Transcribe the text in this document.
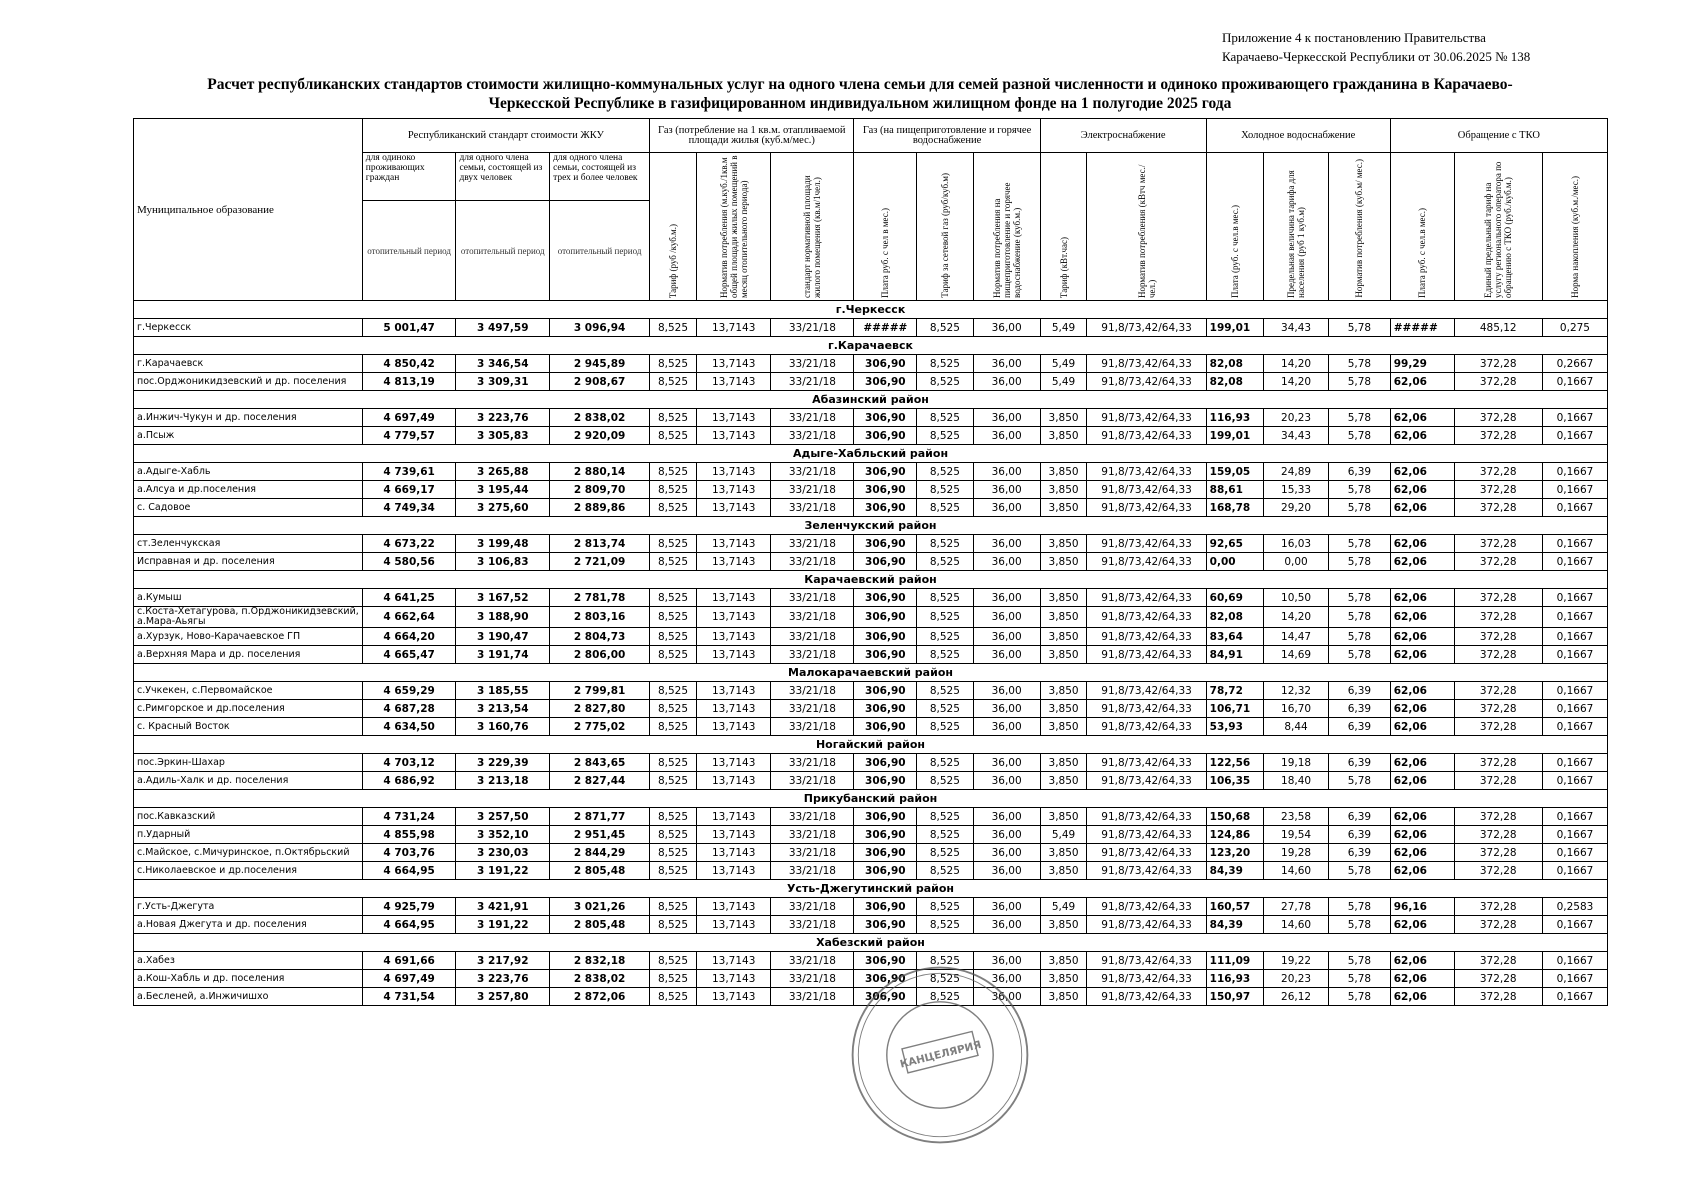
Приложение 4 к постановлению Правительства
Карачаево-Черкесской Республики от 30.06.2025 № 138
Расчет республиканских стандартов стоимости жилищно-коммунальных услуг на одного члена семьи для семей разной численности и одиноко проживающего гражданина в Карачаево-
Черкесской Республике в газифицированном индивидуальном жилищном фонде на 1 полугодие 2025 года
Муниципальное образование	Республиканский стандарт стоимости ЖКУ			Газ (потребление на 1 кв.м. отапливаемой площади жилья (куб.м/мес.)			Газ (на пищеприготовление и горячее водоснабжение			Электроснабжение		Холодное водоснабжение			Обращение с ТКО		
	для одиноко проживающих граждан	для одного члена семьи, состоящей из двух человек	для одного члена семьи, состоящей из трех и более человек	Тариф (руб /куб.м.)	Норматив потребления (м.куб./1кв.м общей площади жилых помещений в месяц отопительного периода)	стандарт нормативной площади жилого помещения (кв.м/1чел.)	Плата руб. с чел в мес.)	Тариф за сетевой газ (руб/куб.м)	Норматив потребления на пищеприготовление и горячее водоснабжение (куб.м.)	Тариф (кВт.час)	Норматив потребления (кВтч мес./ чел.)	Плата (руб. с чел.в мес.)	Предельная величина тарифа для населения (руб 1 куб.м)	Норматив потребления (куб.м/ мес.)	Плата руб. с чел.в мес.)	Единый предельный тариф на услугу регионального оператора по обращению с ТКО (руб./куб.м.)	Норма накопления (куб.м./мес.)

	отопительный период	отопительный период	отопительный период														
г.Черкесск																	
г.Черкесск	5 001,47	3 497,59	3 096,94	8,525	13,7143	33/21/18	#####	8,525	36,00	5,49	91,8/73,42/64,33	199,01	34,43	5,78	#####	485,12	0,275
г.Карачаевск																	
г.Карачаевск	4 850,42	3 346,54	2 945,89	8,525	13,7143	33/21/18	306,90	8,525	36,00	5,49	91,8/73,42/64,33	82,08	14,20	5,78	99,29	372,28	0,2667
пос.Орджоникидзевский и др. поселения	4 813,19	3 309,31	2 908,67	8,525	13,7143	33/21/18	306,90	8,525	36,00	5,49	91,8/73,42/64,33	82,08	14,20	5,78	62,06	372,28	0,1667
Абазинский район																	
а.Инжич-Чукун и др. поселения	4 697,49	3 223,76	2 838,02	8,525	13,7143	33/21/18	306,90	8,525	36,00	3,850	91,8/73,42/64,33	116,93	20,23	5,78	62,06	372,28	0,1667
а.Псыж	4 779,57	3 305,83	2 920,09	8,525	13,7143	33/21/18	306,90	8,525	36,00	3,850	91,8/73,42/64,33	199,01	34,43	5,78	62,06	372,28	0,1667
Адыге-Хабльский район																	
а.Адыге-Хабль	4 739,61	3 265,88	2 880,14	8,525	13,7143	33/21/18	306,90	8,525	36,00	3,850	91,8/73,42/64,33	159,05	24,89	6,39	62,06	372,28	0,1667
а.Алсуа и др.поселения	4 669,17	3 195,44	2 809,70	8,525	13,7143	33/21/18	306,90	8,525	36,00	3,850	91,8/73,42/64,33	88,61	15,33	5,78	62,06	372,28	0,1667
с. Садовое	4 749,34	3 275,60	2 889,86	8,525	13,7143	33/21/18	306,90	8,525	36,00	3,850	91,8/73,42/64,33	168,78	29,20	5,78	62,06	372,28	0,1667
Зеленчукский район																	
ст.Зеленчукская	4 673,22	3 199,48	2 813,74	8,525	13,7143	33/21/18	306,90	8,525	36,00	3,850	91,8/73,42/64,33	92,65	16,03	5,78	62,06	372,28	0,1667
Исправная и др. поселения	4 580,56	3 106,83	2 721,09	8,525	13,7143	33/21/18	306,90	8,525	36,00	3,850	91,8/73,42/64,33	0,00	0,00	5,78	62,06	372,28	0,1667
Карачаевский район																	
а.Кумыш	4 641,25	3 167,52	2 781,78	8,525	13,7143	33/21/18	306,90	8,525	36,00	3,850	91,8/73,42/64,33	60,69	10,50	5,78	62,06	372,28	0,1667
с.Коста-Хетагурова, п.Орджоникидзевский, а.Мара-Аьягы	4 662,64	3 188,90	2 803,16	8,525	13,7143	33/21/18	306,90	8,525	36,00	3,850	91,8/73,42/64,33	82,08	14,20	5,78	62,06	372,28	0,1667
а.Хурзук, Ново-Карачаевское ГП	4 664,20	3 190,47	2 804,73	8,525	13,7143	33/21/18	306,90	8,525	36,00	3,850	91,8/73,42/64,33	83,64	14,47	5,78	62,06	372,28	0,1667
а.Верхняя Мара и др. поселения	4 665,47	3 191,74	2 806,00	8,525	13,7143	33/21/18	306,90	8,525	36,00	3,850	91,8/73,42/64,33	84,91	14,69	5,78	62,06	372,28	0,1667
Малокарачаевский район																	
с.Учкекен, с.Первомайское	4 659,29	3 185,55	2 799,81	8,525	13,7143	33/21/18	306,90	8,525	36,00	3,850	91,8/73,42/64,33	78,72	12,32	6,39	62,06	372,28	0,1667
с.Римгорское и др.поселения	4 687,28	3 213,54	2 827,80	8,525	13,7143	33/21/18	306,90	8,525	36,00	3,850	91,8/73,42/64,33	106,71	16,70	6,39	62,06	372,28	0,1667
с. Красный Восток	4 634,50	3 160,76	2 775,02	8,525	13,7143	33/21/18	306,90	8,525	36,00	3,850	91,8/73,42/64,33	53,93	8,44	6,39	62,06	372,28	0,1667
Ногайский район																	
пос.Эркин-Шахар	4 703,12	3 229,39	2 843,65	8,525	13,7143	33/21/18	306,90	8,525	36,00	3,850	91,8/73,42/64,33	122,56	19,18	6,39	62,06	372,28	0,1667
а.Адиль-Халк и др. поселения	4 686,92	3 213,18	2 827,44	8,525	13,7143	33/21/18	306,90	8,525	36,00	3,850	91,8/73,42/64,33	106,35	18,40	5,78	62,06	372,28	0,1667
Прикубанский район																	
пос.Кавказский	4 731,24	3 257,50	2 871,77	8,525	13,7143	33/21/18	306,90	8,525	36,00	3,850	91,8/73,42/64,33	150,68	23,58	6,39	62,06	372,28	0,1667
п.Ударный	4 855,98	3 352,10	2 951,45	8,525	13,7143	33/21/18	306,90	8,525	36,00	5,49	91,8/73,42/64,33	124,86	19,54	6,39	62,06	372,28	0,1667
с.Майское, с.Мичуринское, п.Октябрьский	4 703,76	3 230,03	2 844,29	8,525	13,7143	33/21/18	306,90	8,525	36,00	3,850	91,8/73,42/64,33	123,20	19,28	6,39	62,06	372,28	0,1667
с.Николаевское и др.поселения	4 664,95	3 191,22	2 805,48	8,525	13,7143	33/21/18	306,90	8,525	36,00	3,850	91,8/73,42/64,33	84,39	14,60	5,78	62,06	372,28	0,1667
Усть-Джегутинский район																	
г.Усть-Джегута	4 925,79	3 421,91	3 021,26	8,525	13,7143	33/21/18	306,90	8,525	36,00	5,49	91,8/73,42/64,33	160,57	27,78	5,78	96,16	372,28	0,2583
а.Новая Джегута и др. поселения	4 664,95	3 191,22	2 805,48	8,525	13,7143	33/21/18	306,90	8,525	36,00	3,850	91,8/73,42/64,33	84,39	14,60	5,78	62,06	372,28	0,1667
Хабезский район																	
а.Хабез	4 691,66	3 217,92	2 832,18	8,525	13,7143	33/21/18	306,90	8,525	36,00	3,850	91,8/73,42/64,33	111,09	19,22	5,78	62,06	372,28	0,1667
а.Кош-Хабль и др. поселения	4 697,49	3 223,76	2 838,02	8,525	13,7143	33/21/18	306,90	8,525	36,00	3,850	91,8/73,42/64,33	116,93	20,23	5,78	62,06	372,28	0,1667
а.Бесленей, а.Инжичишхо	4 731,54	3 257,80	2 872,06	8,525	13,7143	33/21/18	306,90	8,525	36,00	3,850	91,8/73,42/64,33	150,97	26,12	5,78	62,06	372,28	0,1667
КАНЦЕЛЯРИЯ
